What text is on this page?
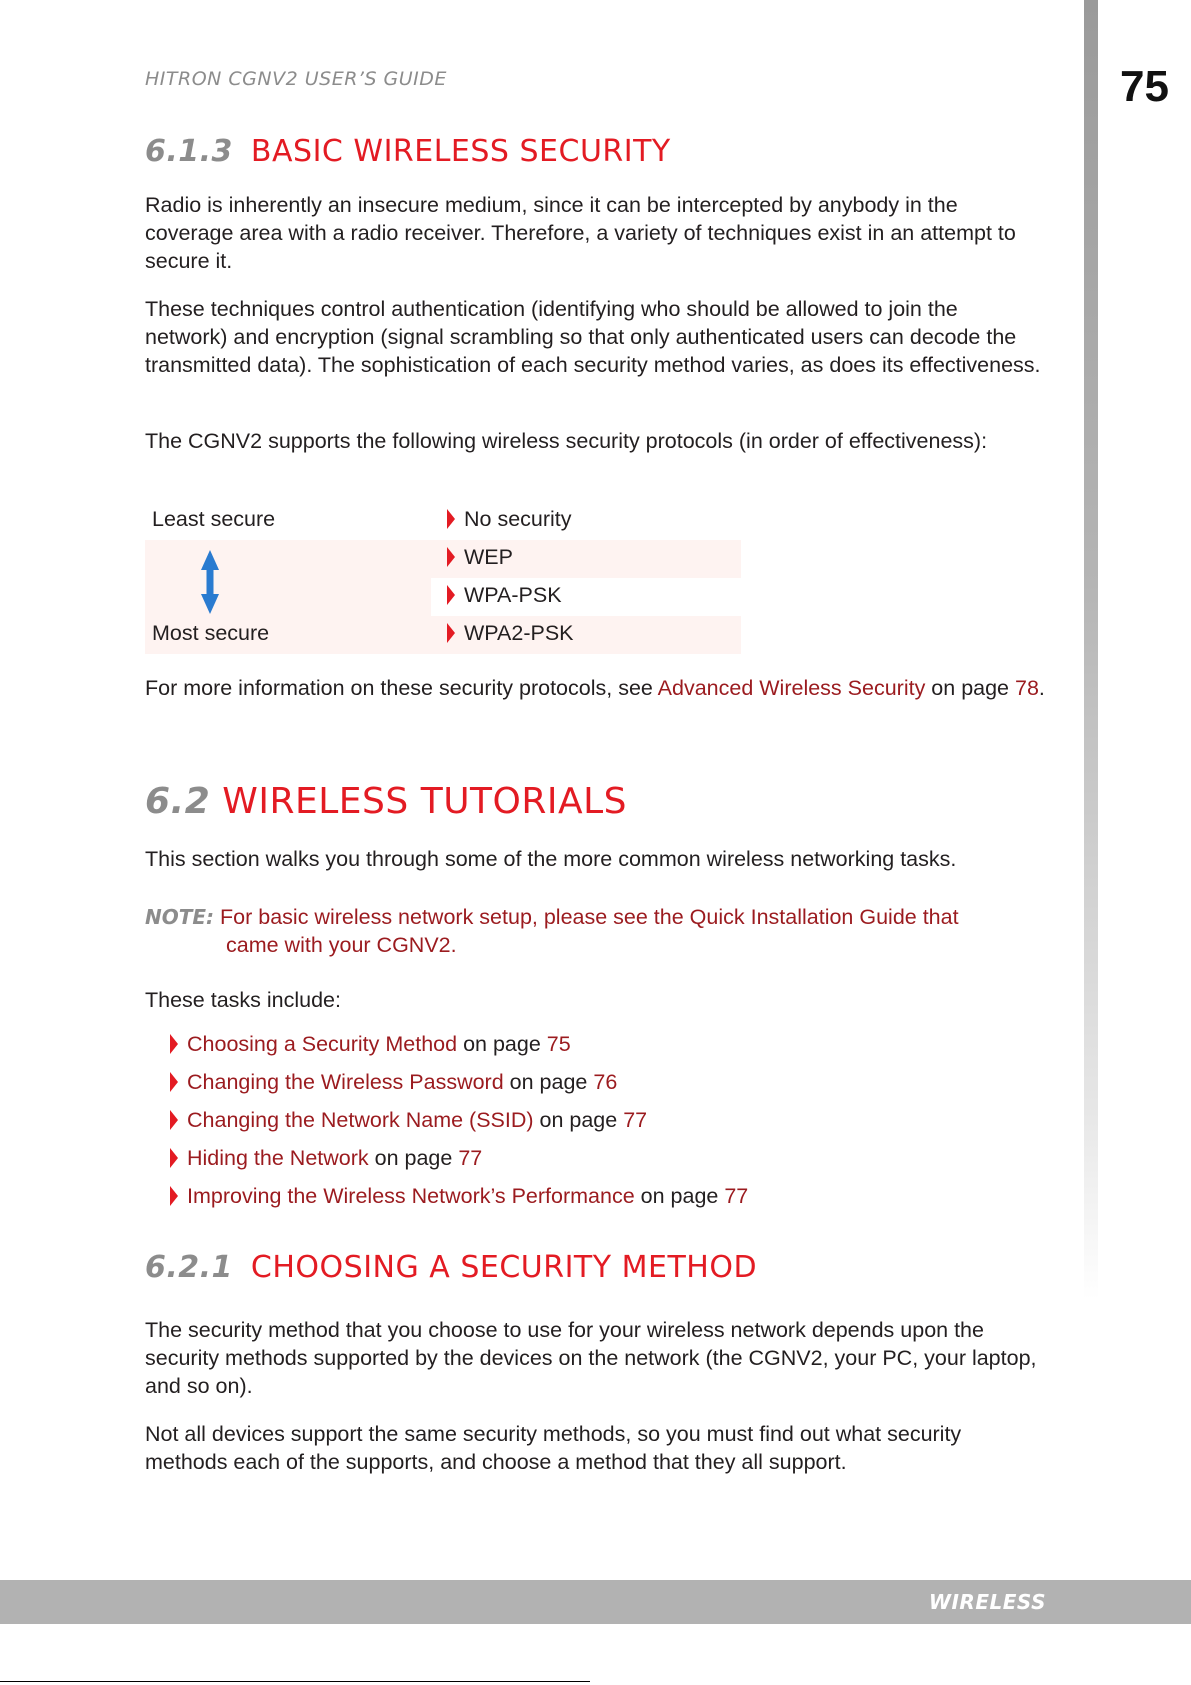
75
HITRON CGNV2 USER’S GUIDE
6.1.3 BASIC WIRELESS SECURITY

Radio is inherently an insecure medium, since it can be intercepted by anybody in the coverage area with a radio receiver. Therefore, a variety of techniques exist in an attempt to secure it.

These techniques control authentication (identifying who should be allowed to join the network) and encryption (signal scrambling so that only authenticated users can decode the transmitted data). The sophistication of each security method varies, as does its effectiveness.

The CGNV2 supports the following wireless security protocols (in order of effectiveness):

Least secure	No security
WEP
WPA-PSK
Most secure	WPA2-PSK

For more information on these security protocols, see Advanced Wireless Security on page 78.

6.2 WIRELESS TUTORIALS

This section walks you through some of the more common wireless networking tasks.

NOTE: For basic wireless network setup, please see the Quick Installation Guide that
came with your CGNV2.

These tasks include:

Choosing a Security Method on page 75
Changing the Wireless Password on page 76
Changing the Network Name (SSID) on page 77
Hiding the Network on page 77
Improving the Wireless Network’s Performance on page 77
6.2.1 CHOOSING A SECURITY METHOD

The security method that you choose to use for your wireless network depends upon the security methods supported by the devices on the network (the CGNV2, your PC, your laptop, and so on).

Not all devices support the same security methods, so you must find out what security methods each of the supports, and choose a method that they all support.

WIRELESS
